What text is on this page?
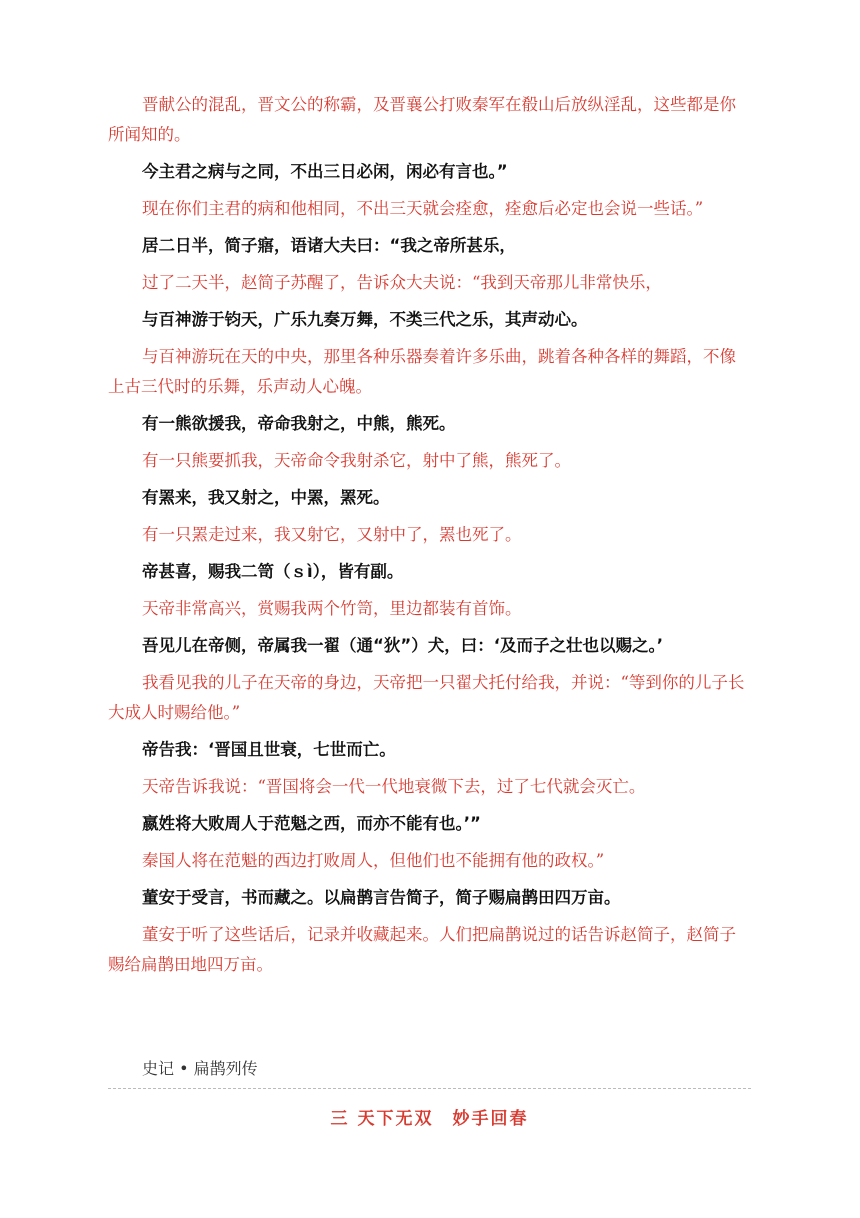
晋献公的混乱，晋文公的称霸，及晋襄公打败秦军在殽山后放纵淫乱，这些都是你所闻知的。

今主君之病与之同，不出三日必闲，闲必有言也。”

现在你们主君的病和他相同，不出三天就会痊愈，痊愈后必定也会说一些话。”

居二日半，简子寤，语诸大夫曰：“我之帝所甚乐，

过了二天半，赵简子苏醒了，告诉众大夫说：“我到天帝那儿非常快乐，

与百神游于钧天，广乐九奏万舞，不类三代之乐，其声动心。

与百神游玩在天的中央，那里各种乐器奏着许多乐曲，跳着各种各样的舞蹈，不像上古三代时的乐舞，乐声动人心魄。

有一熊欲援我，帝命我射之，中熊，熊死。

有一只熊要抓我，天帝命令我射杀它，射中了熊，熊死了。

有罴来，我又射之，中罴，罴死。

有一只罴走过来，我又射它，又射中了，罴也死了。

帝甚喜，赐我二笥（ｓì），皆有副。

天帝非常高兴，赏赐我两个竹笥，里边都装有首饰。

吾见儿在帝侧，帝属我一翟（通“狄”）犬，曰：‘及而子之壮也以赐之。’

我看见我的儿子在天帝的身边，天帝把一只翟犬托付给我，并说：“等到你的儿子长大成人时赐给他。”

帝告我：‘晋国且世衰，七世而亡。

天帝告诉我说：“晋国将会一代一代地衰微下去，过了七代就会灭亡。

嬴姓将大败周人于范魁之西，而亦不能有也。’”

秦国人将在范魁的西边打败周人，但他们也不能拥有他的政权。”

董安于受言，书而藏之。以扁鹊言告简子，简子赐扁鹊田四万亩。

董安于听了这些话后，记录并收藏起来。人们把扁鹊说过的话告诉赵简子，赵简子赐给扁鹊田地四万亩。

史记 • 扁鹊列传
三 天下无双　妙手回春
